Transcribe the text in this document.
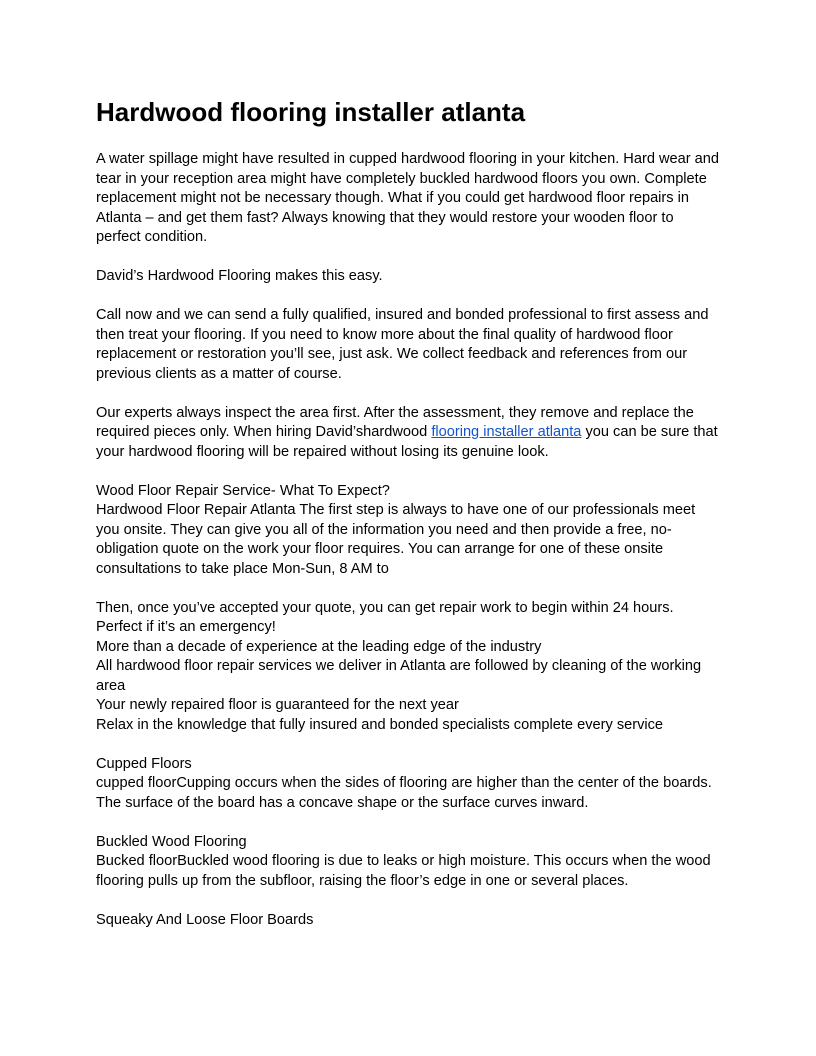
Hardwood flooring installer atlanta

A water spillage might have resulted in cupped hardwood flooring in your kitchen. Hard wear and tear in your reception area might have completely buckled hardwood floors you own. Complete replacement might not be necessary though. What if you could get hardwood floor repairs in Atlanta – and get them fast? Always knowing that they would restore your wooden floor to perfect condition.

David’s Hardwood Flooring makes this easy.

Call now and we can send a fully qualified, insured and bonded professional to first assess and then treat your flooring. If you need to know more about the final quality of hardwood floor replacement or restoration you’ll see, just ask. We collect feedback and references from our previous clients as a matter of course.

Our experts always inspect the area first. After the assessment, they remove and replace the required pieces only. When hiring David’shardwood flooring installer atlanta you can be sure that your hardwood flooring will be repaired without losing its genuine look.

Wood Floor Repair Service- What To Expect?

Hardwood Floor Repair Atlanta The first step is always to have one of our professionals meet you onsite. They can give you all of the information you need and then provide a free, no-obligation quote on the work your floor requires. You can arrange for one of these onsite consultations to take place Mon-Sun, 8 AM to

Then, once you’ve accepted your quote, you can get repair work to begin within 24 hours. Perfect if it’s an emergency!
More than a decade of experience at the leading edge of the industry
All hardwood floor repair services we deliver in Atlanta are followed by cleaning of the working area
Your newly repaired floor is guaranteed for the next year
Relax in the knowledge that fully insured and bonded specialists complete every service
Cupped Floors

cupped floorCupping occurs when the sides of flooring are higher than the center of the boards. The surface of the board has a concave shape or the surface curves inward.

Buckled Wood Flooring

Bucked floorBuckled wood flooring is due to leaks or high moisture. This occurs when the wood flooring pulls up from the subfloor, raising the floor’s edge in one or several places.

Squeaky And Loose Floor Boards
